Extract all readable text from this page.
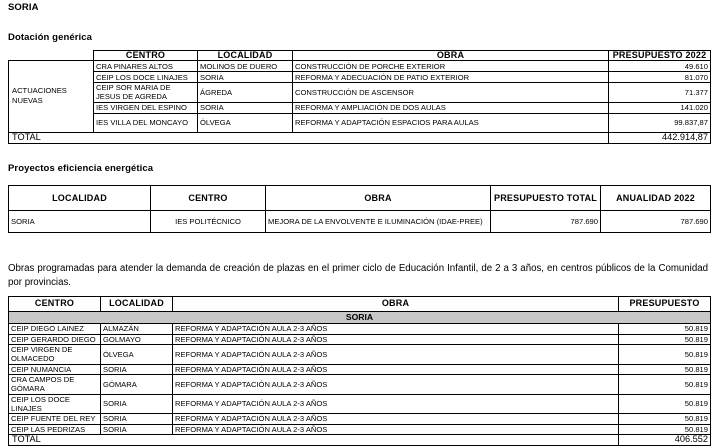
SORIA
Dotación genérica
	CENTRO	LOCALIDAD	OBRA	PRESUPUESTO 2022
ACTUACIONES NUEVAS	CRA PINARES ALTOS	MOLINOS DE DUERO	CONSTRUCCIÓN DE PORCHE EXTERIOR	49.610
	CEIP LOS DOCE LINAJES	SORIA	REFORMA Y ADECUACIÓN DE PATIO EXTERIOR	81.070
	CEIP SOR MARIA DE JESUS DE AGREDA	ÁGREDA	CONSTRUCCIÓN DE ASCENSOR	71.377
	IES VIRGEN DEL ESPINO	SORIA	REFORMA Y AMPLIACIÓN DE DOS AULAS	141.020
	IES VILLA DEL MONCAYO	ÓLVEGA	REFORMA Y ADAPTACIÓN ESPACIOS PARA AULAS	99.837,87
TOTAL				442.914,87
Proyectos eficiencia energética
LOCALIDAD	CENTRO	OBRA	PRESUPUESTO TOTAL	ANUALIDAD 2022
SORIA	IES POLITÉCNICO	MEJORA DE LA ENVOLVENTE E ILUMINACIÓN (IDAE-PREE)	787.690	787.690

Obras programadas para atender la demanda de creación de plazas en el primer ciclo de Educación Infantil, de 2 a 3 años, en centros públicos de la Comunidad por provincias.

CENTRO	LOCALIDAD	OBRA	PRESUPUESTO
SORIA			
CEIP DIEGO LAINEZ	ALMAZÁN	REFORMA Y ADAPTACIÓN AULA 2-3 AÑOS	50.819
CEIP GERARDO DIEGO	GOLMAYO	REFORMA Y ADAPTACIÓN AULA 2-3 AÑOS	50.819
CEIP VIRGEN DE OLMACEDO	ÓLVEGA	REFORMA Y ADAPTACIÓN AULA 2-3 AÑOS	50.819
CEIP NUMANCIA	SORIA	REFORMA Y ADAPTACIÓN AULA 2-3 AÑOS	50.819
CRA CAMPOS DE GÓMARA	GÓMARA	REFORMA Y ADAPTACIÓN AULA 2-3 AÑOS	50.819
CEIP LOS DOCE LINAJES	SORIA	REFORMA Y ADAPTACIÓN AULA 2-3 AÑOS	50.819
CEIP FUENTE DEL REY	SORIA	REFORMA Y ADAPTACIÓN AULA 2-3 AÑOS	50.819
CEIP LAS PEDRIZAS	SORIA	REFORMA Y ADAPTACIÓN AULA 2-3 AÑOS	50.819
TOTAL			406.552
